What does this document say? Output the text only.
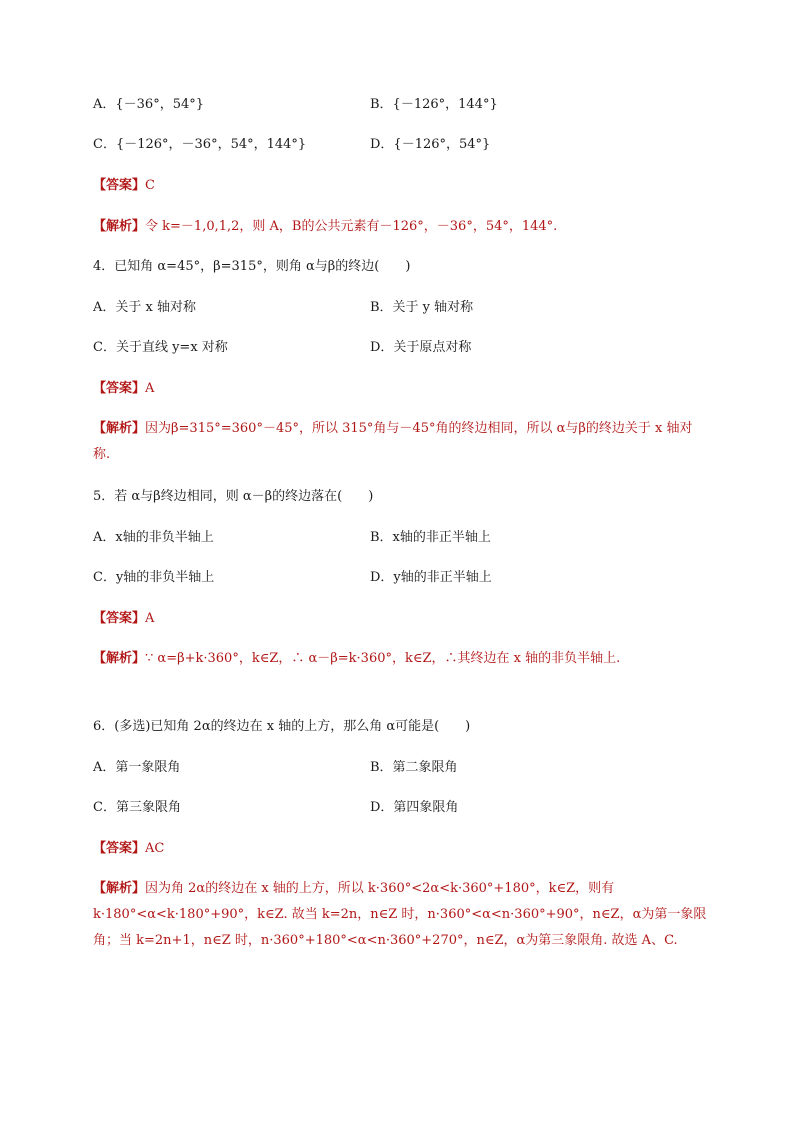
A．{－36°，54°}	B．{－126°，144°}
C．{－126°，－36°，54°，144°}	D．{－126°，54°}
【答案】C
【解析】令 k=－1,0,1,2，则 A，B的公共元素有－126°，－36°，54°，144°.
4．已知角 α=45°，β=315°，则角 α与β的终边(　　)
A．关于 x 轴对称	B．关于 y 轴对称
C．关于直线 y=x 对称	D．关于原点对称
【答案】A
【解析】因为β=315°=360°－45°，所以 315°角与－45°角的终边相同，所以 α与β的终边关于 x 轴对称.
5．若 α与β终边相同，则 α－β的终边落在(　　)
A．x轴的非负半轴上	B．x轴的非正半轴上
C．y轴的非负半轴上	D．y轴的非正半轴上
【答案】A
【解析】∵ α=β+k·360°，k∈Z，∴ α－β=k·360°，k∈Z，∴其终边在 x 轴的非负半轴上.
6．(多选)已知角 2α的终边在 x 轴的上方，那么角 α可能是(　　)
A．第一象限角	B．第二象限角
C．第三象限角	D．第四象限角
【答案】AC
【解析】因为角 2α的终边在 x 轴的上方，所以 k·360°<2α<k·360°+180°，k∈Z，则有 k·180°<α<k·180°+90°，k∈Z. 故当 k=2n，n∈Z 时，n·360°<α<n·360°+90°，n∈Z，α为第一象限角；当 k=2n+1，n∈Z 时，n·360°+180°<α<n·360°+270°，n∈Z，α为第三象限角. 故选 A、C.
